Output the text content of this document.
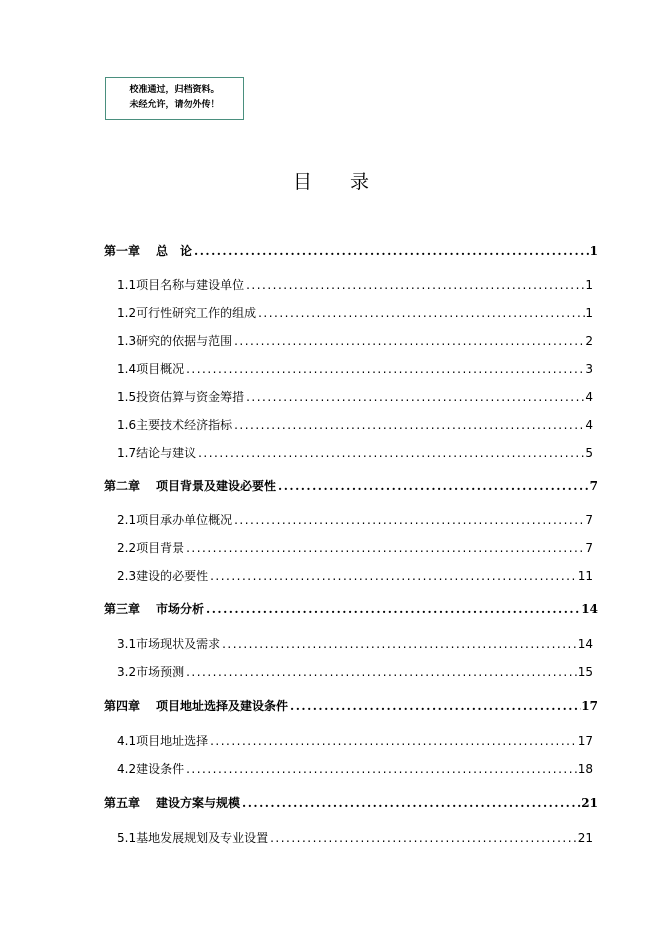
校准通过，归档资料。
未经允许，请勿外传！
目 录
第一章 总　论 .....	1
1.1项目名称与建设单位 .....	1
1.2可行性研究工作的组成 .....	1
1.3研究的依据与范围 .....	2
1.4项目概况 .....	3
1.5投资估算与资金筹措 .....	4
1.6主要技术经济指标 .....	4
1.7结论与建议 .....	5
第二章 项目背景及建设必要性 .....	7
2.1项目承办单位概况 .....	7
2.2项目背景 .....	7
2.3建设的必要性 .....	11
第三章 市场分析 .....	14
3.1市场现状及需求 .....	14
3.2市场预测 .....	15
第四章 项目地址选择及建设条件 .....	17
4.1项目地址选择 .....	17
4.2建设条件 .....	18
第五章 建设方案与规模 .....	21
5.1基地发展规划及专业设置 .....	21
